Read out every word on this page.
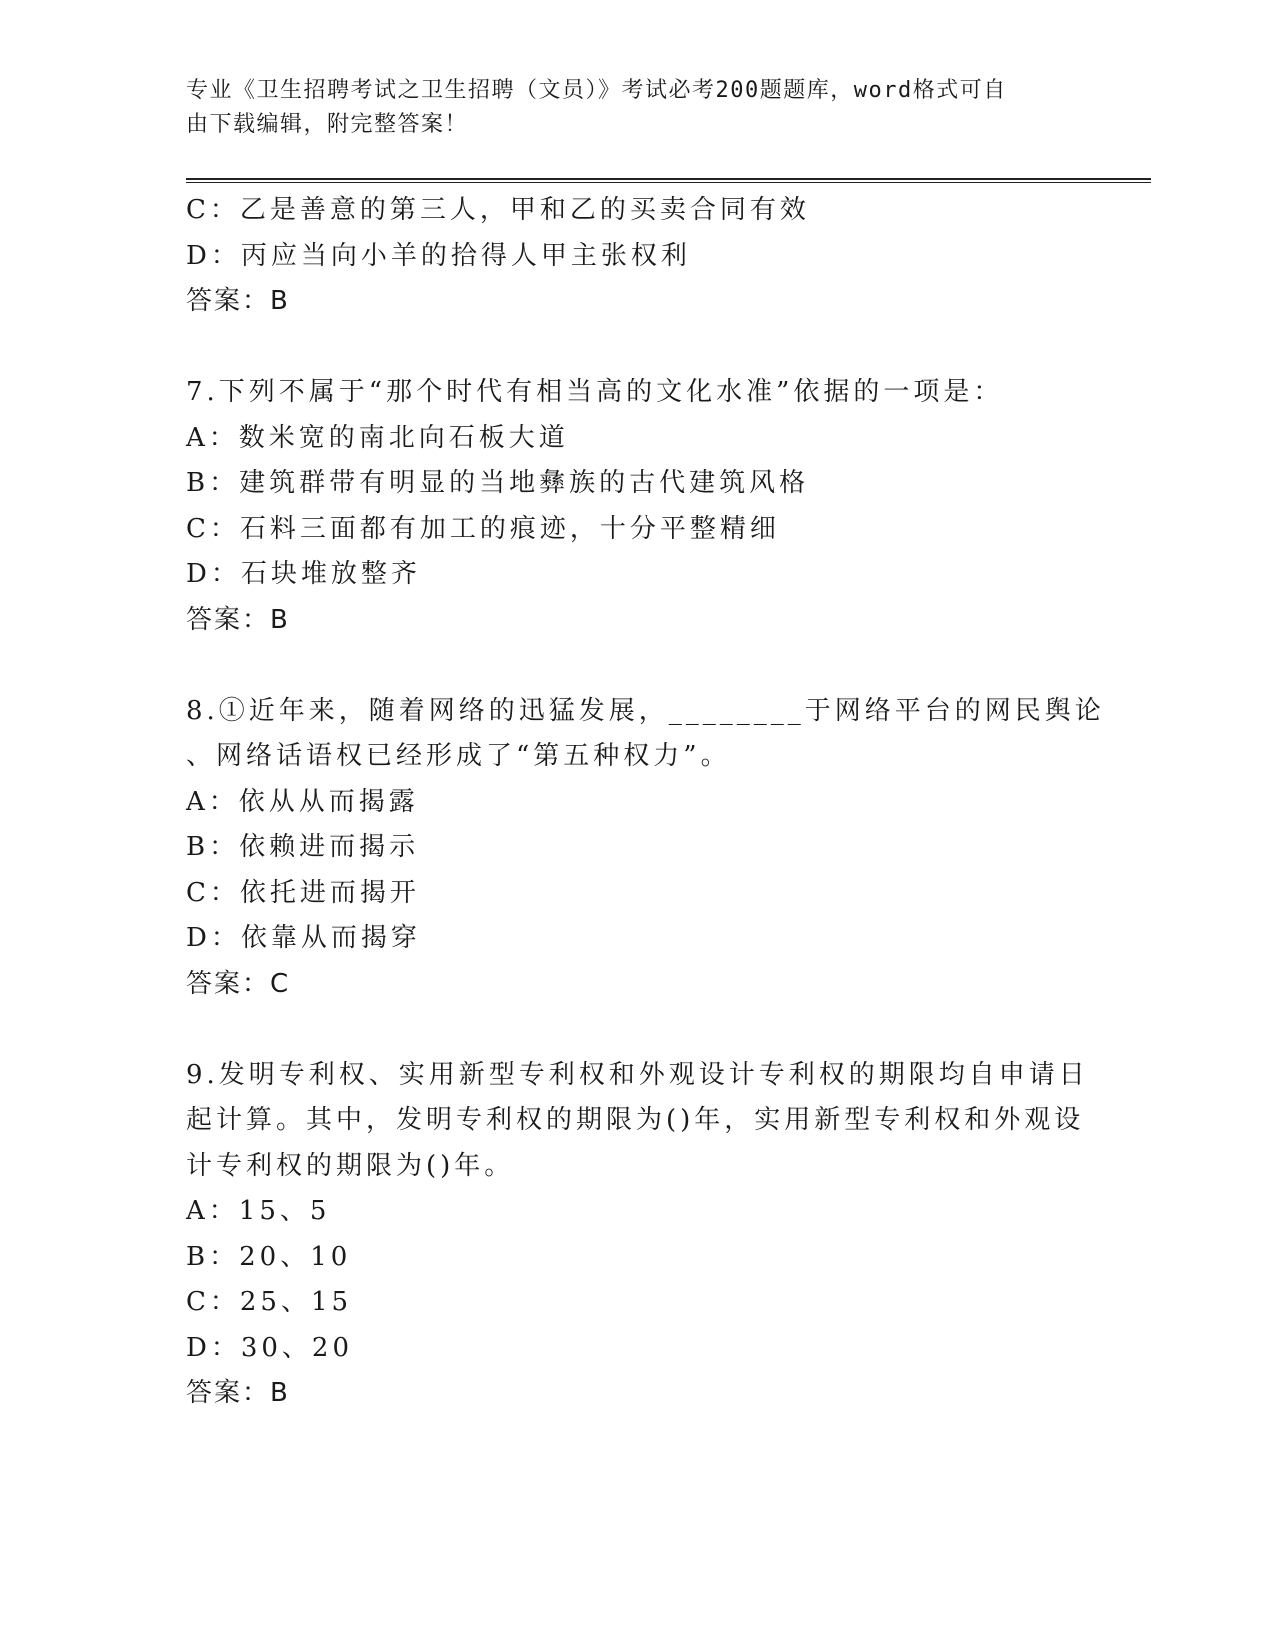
专业《卫生招聘考试之卫生招聘（文员）》考试必考200题题库，word格式可自
由下载编辑，附完整答案！
C：乙是善意的第三人，甲和乙的买卖合同有效
D：丙应当向小羊的拾得人甲主张权利
答案：B
7.下列不属于“那个时代有相当高的文化水准”依据的一项是：
A：数米宽的南北向石板大道
B：建筑群带有明显的当地彝族的古代建筑风格
C：石料三面都有加工的痕迹，十分平整精细
D：石块堆放整齐
答案：B
8.①近年来，随着网络的迅猛发展，________于网络平台的网民舆论
、网络话语权已经形成了“第五种权力”。
A：依从从而揭露
B：依赖进而揭示
C：依托进而揭开
D：依靠从而揭穿
答案：C
9.发明专利权、实用新型专利权和外观设计专利权的期限均自申请日
起计算。其中，发明专利权的期限为()年，实用新型专利权和外观设
计专利权的期限为()年。
A：15、5
B：20、10
C：25、15
D：30、20
答案：B
